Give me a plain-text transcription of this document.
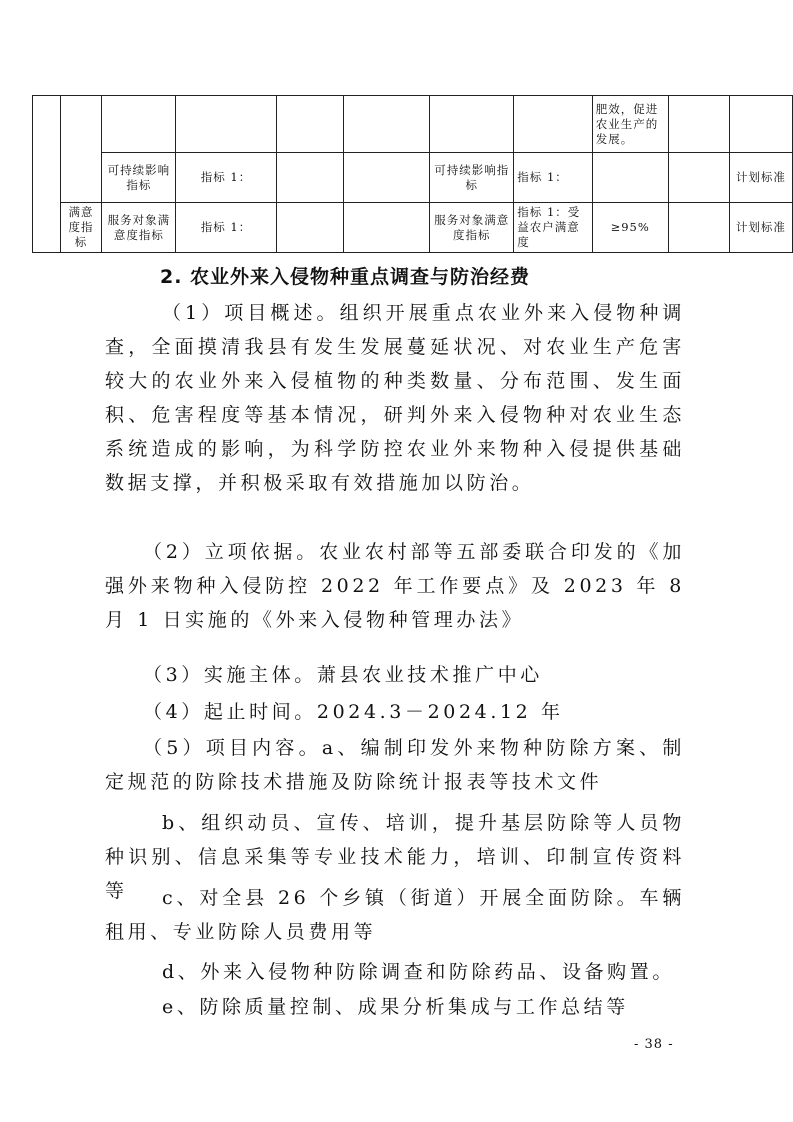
								肥效，促进农业生产的发展。		
		可持续影响指标	指标 1：			可持续影响指标	指标 1：			计划标准
	满意度指标	服务对象满意度指标	指标 1：			服务对象满意度指标	指标 1：受益农户满意度	≥95%		计划标准
2. 农业外来入侵物种重点调查与防治经费
（1）项目概述。组织开展重点农业外来入侵物种调查，全面摸清我县有发生发展蔓延状况、对农业生产危害较大的农业外来入侵植物的种类数量、分布范围、发生面积、危害程度等基本情况，研判外来入侵物种对农业生态系统造成的影响，为科学防控农业外来物种入侵提供基础数据支撑，并积极采取有效措施加以防治。
（2）立项依据。农业农村部等五部委联合印发的《加强外来物种入侵防控 2022 年工作要点》及 2023 年 8 月 1 日实施的《外来入侵物种管理办法》
（3）实施主体。萧县农业技术推广中心
（4）起止时间。2024.3－2024.12 年
（5）项目内容。a、编制印发外来物种防除方案、制定规范的防除技术措施及防除统计报表等技术文件
b、组织动员、宣传、培训，提升基层防除等人员物种识别、信息采集等专业技术能力，培训、印制宣传资料等	c、对全县 26 个乡镇（街道）开展全面防除。车辆租用、专业防除人员费用等
d、外来入侵物种防除调查和防除药品、设备购置。
e、防除质量控制、成果分析集成与工作总结等
- 38 -
